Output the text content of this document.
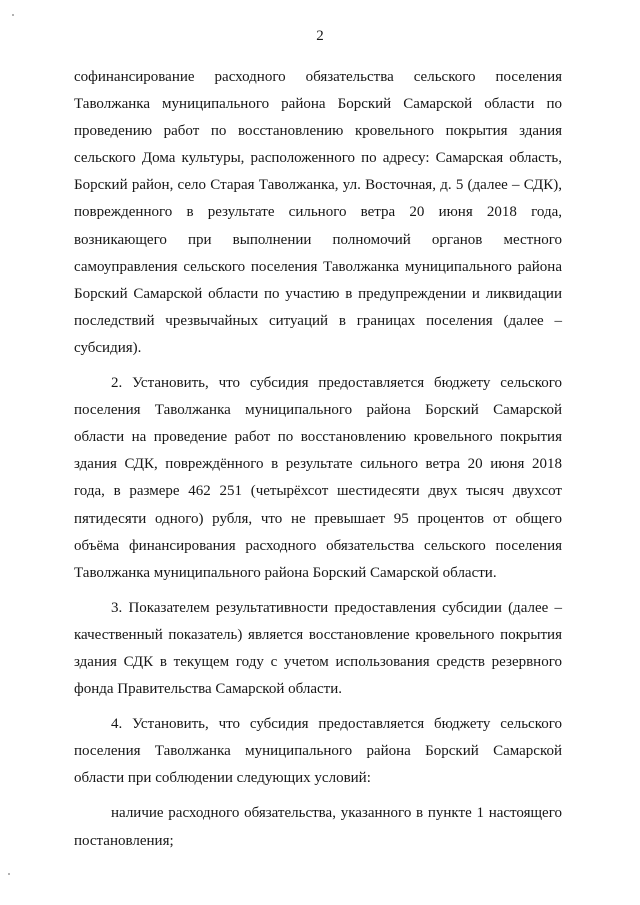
2

софинансирование расходного обязательства сельского поселения Таволжанка муниципального района Борский Самарской области по проведению работ по восстановлению кровельного покрытия здания сельского Дома культуры, расположенного по адресу: Самарская область, Борский район, село Старая Таволжанка, ул. Восточная, д. 5 (далее – СДК), поврежденного в результате сильного ветра 20 июня 2018 года, возникающего при выполнении полномочий органов местного самоуправления сельского поселения Таволжанка муниципального района Борский Самарской области по участию в предупреждении и ликвидации последствий чрезвычайных ситуаций в границах поселения (далее – субсидия).

2. Установить, что субсидия предоставляется бюджету сельского поселения Таволжанка муниципального района Борский Самарской области на проведение работ по восстановлению кровельного покрытия здания СДК, повреждённого в результате сильного ветра 20 июня 2018 года, в размере 462 251 (четырёхсот шестидесяти двух тысяч двухсот пятидесяти одного) рубля, что не превышает 95 процентов от общего объёма финансирования расходного обязательства сельского поселения Таволжанка муниципального района Борский Самарской области.

3. Показателем результативности предоставления субсидии (далее – качественный показатель) является восстановление кровельного покрытия здания СДК в текущем году с учетом использования средств резервного фонда Правительства Самарской области.

4. Установить, что субсидия предоставляется бюджету сельского поселения Таволжанка муниципального района Борский Самарской области при соблюдении следующих условий:

наличие расходного обязательства, указанного в пункте 1 настоящего постановления;
